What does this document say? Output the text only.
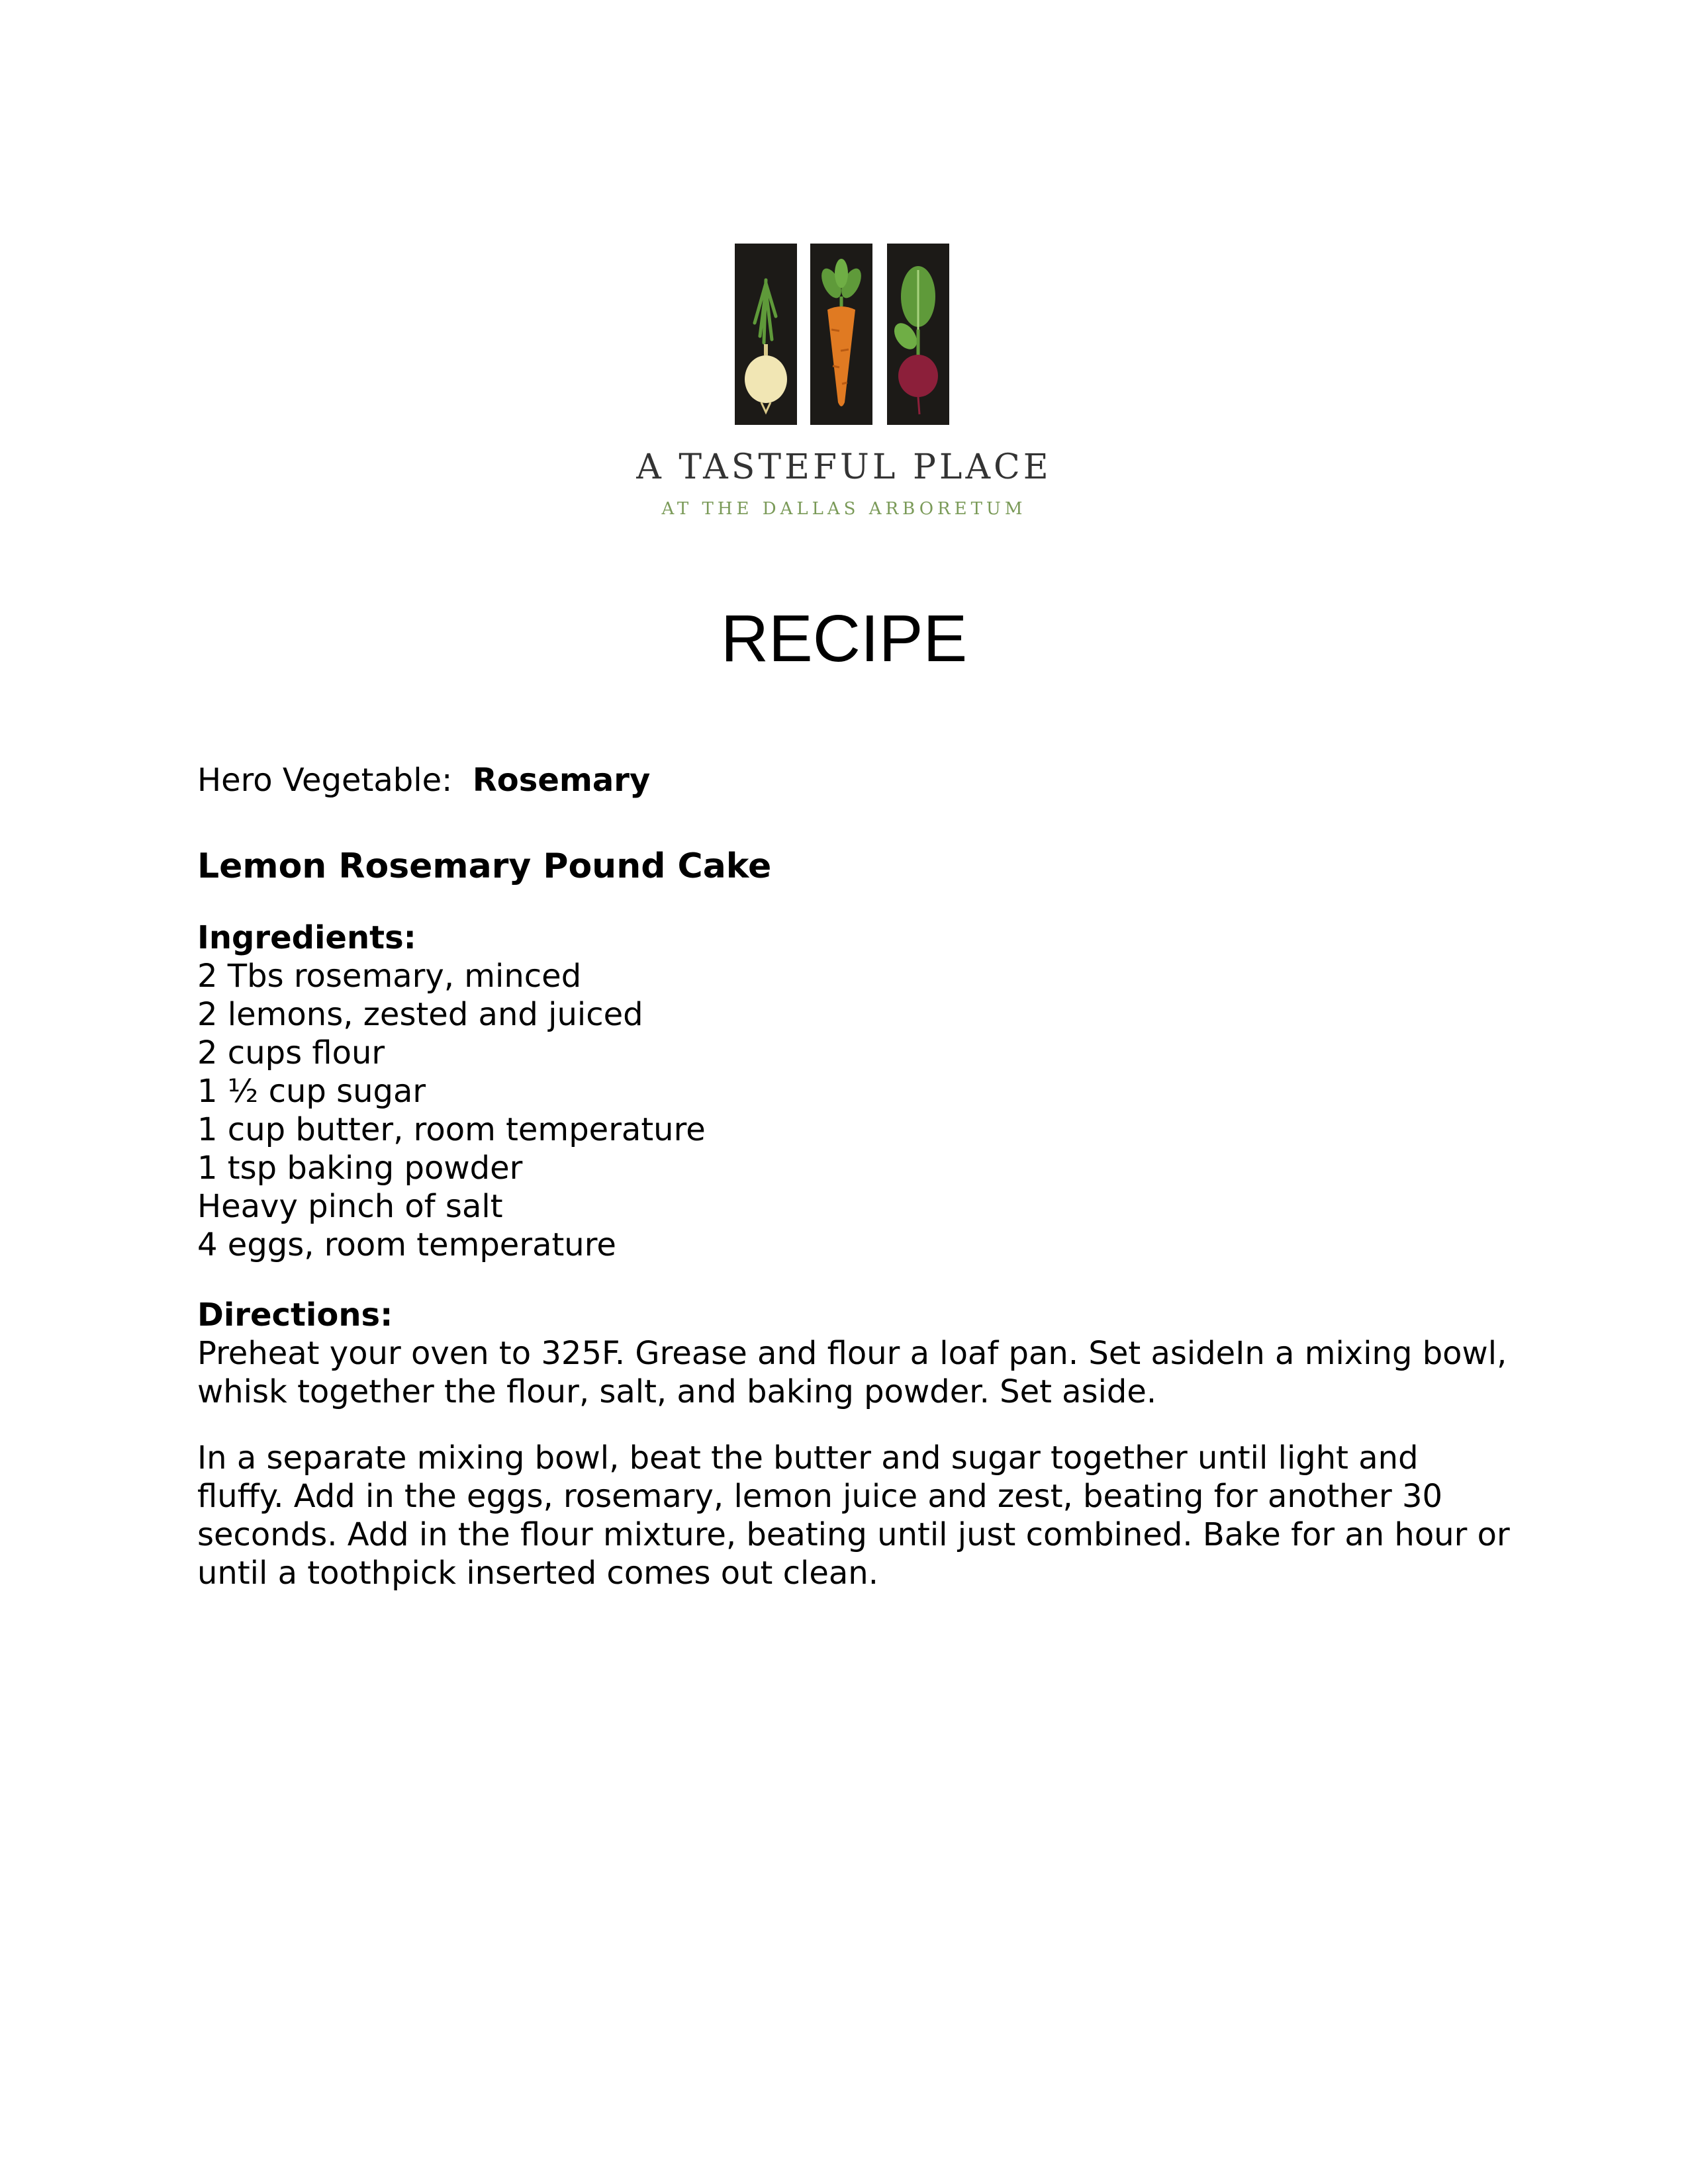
A TASTEFUL PLACE
AT THE DALLAS ARBORETUM
RECIPE

Hero Vegetable: Rosemary

Lemon Rosemary Pound Cake
Ingredients:
2 Tbs rosemary, minced
2 lemons, zested and juiced
2 cups flour
1 ½ cup sugar
1 cup butter, room temperature
1 tsp baking powder
Heavy pinch of salt
4 eggs, room temperature
Directions:

Preheat your oven to 325F. Grease and flour a loaf pan. Set asideIn a mixing bowl, whisk together the flour, salt, and baking powder. Set aside.

In a separate mixing bowl, beat the butter and sugar together until light and fluffy. Add in the eggs, rosemary, lemon juice and zest, beating for another 30 seconds. Add in the flour mixture, beating until just combined. Bake for an hour or until a toothpick inserted comes out clean.
